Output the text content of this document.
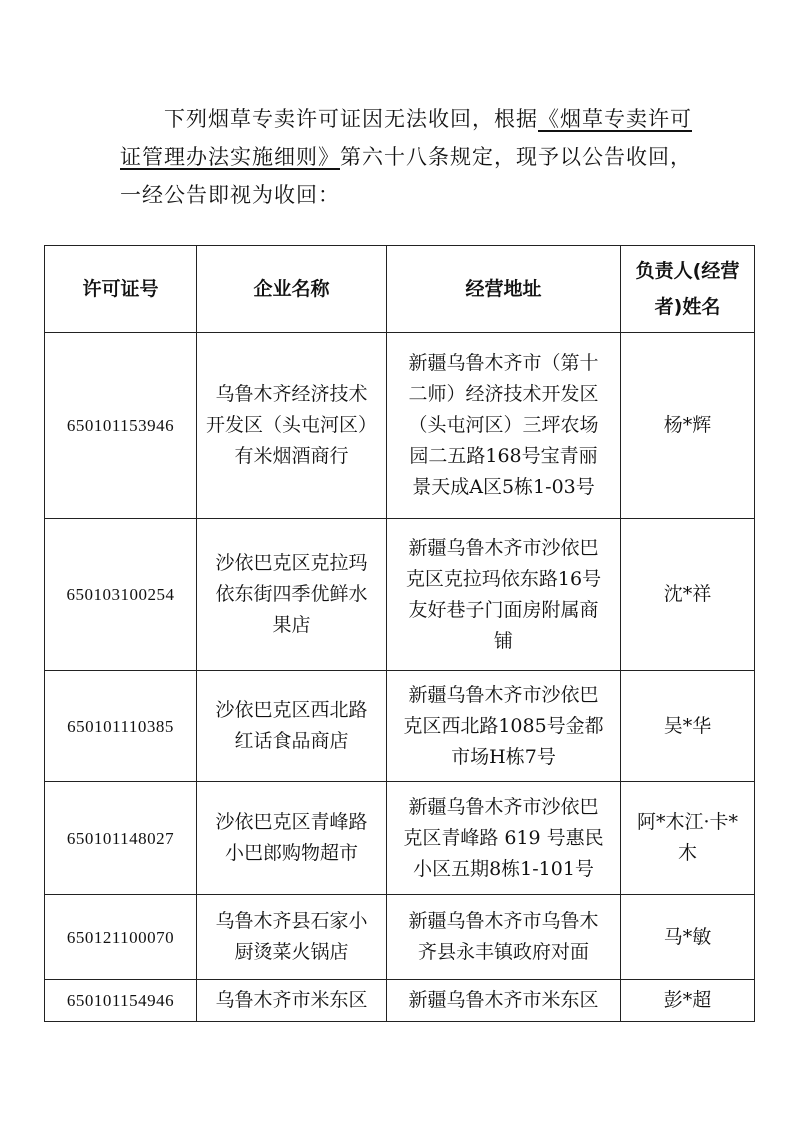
下列烟草专卖许可证因无法收回，根据《烟草专卖许可

证管理办法实施细则》第六十八条规定，现予以公告收回，

一经公告即视为收回：

许可证号	企业名称	经营地址	负责人(经营
者)姓名
650101153946	乌鲁木齐经济技术
开发区（头屯河区）
有米烟酒商行	新疆乌鲁木齐市（第十
二师）经济技术开发区
（头屯河区）三坪农场
园二五路168号宝青丽
景天成A区5栋1-03号	杨*辉
650103100254	沙依巴克区克拉玛
依东街四季优鲜水
果店	新疆乌鲁木齐市沙依巴
克区克拉玛依东路16号
友好巷子门面房附属商
铺	沈*祥
650101110385	沙依巴克区西北路
红话食品商店	新疆乌鲁木齐市沙依巴
克区西北路1085号金都
市场H栋7号	吴*华
650101148027	沙依巴克区青峰路
小巴郎购物超市	新疆乌鲁木齐市沙依巴
克区青峰路 619 号惠民
小区五期8栋1-101号	阿*木江·卡*
木
650121100070	乌鲁木齐县石家小
厨烫菜火锅店	新疆乌鲁木齐市乌鲁木
齐县永丰镇政府对面	马*敏
650101154946	乌鲁木齐市米东区	新疆乌鲁木齐市米东区	彭*超
